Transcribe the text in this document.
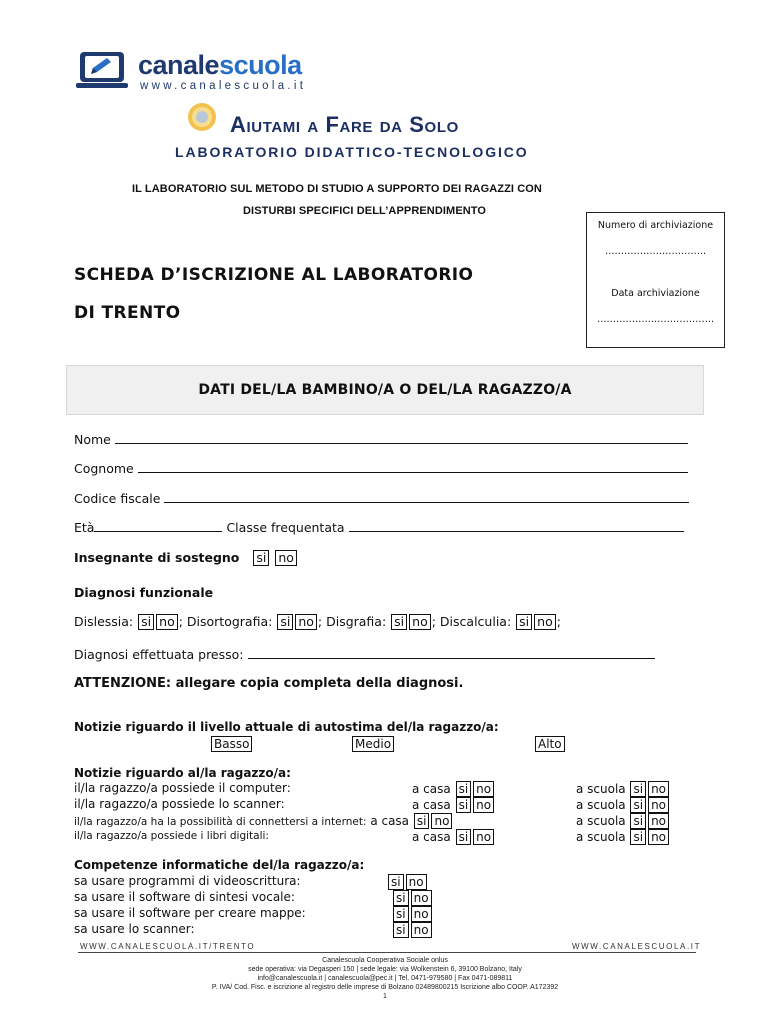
canalescuola
www.canalescuola.it
Aiutami a Fare da Solo
LABORATORIO DIDATTICO-TECNOLOGICO
IL LABORATORIO SUL METODO DI STUDIO A SUPPORTO DEI RAGAZZI CON
DISTURBI SPECIFICI DELL’APPRENDIMENTO
Numero di archiviazione
…………………………..
Data archiviazione
……………………………….
SCHEDA D’ISCRIZIONE AL LABORATORIO
DI TRENTO
DATI DEL/LA BAMBINO/A O DEL/LA RAGAZZO/A
Nome
Cognome
Codice fiscale
Età	Classe frequentata
Insegnante di sostegno si no
Diagnosi funzionale
Dislessia: si no ; Disortografia: si no ; Disgrafia: si no ; Discalculia: si no ;
Diagnosi effettuata presso:
ATTENZIONE: allegare copia completa della diagnosi.
Notizie riguardo il livello attuale di autostima del/la ragazzo/a:
Basso	Medio	Alto
Notizie riguardo al/la ragazzo/a:
il/la ragazzo/a possiede il computer:	a casa si no	a scuola si no
il/la ragazzo/a possiede lo scanner:	a casa si no	a scuola si no
il/la ragazzo/a ha la possibilità di connettersi a internet: a casa si no	a scuola si no
il/la ragazzo/a possiede i libri digitali:	a casa si no	a scuola si no
Competenze informatiche del/la ragazzo/a:
sa usare programmi di videoscrittura:	si no
sa usare il software di sintesi vocale:	si no
sa usare il software per creare mappe:	si no
sa usare lo scanner:	si no
WWW.CANALESCUOLA.IT/TRENTO	WWW.CANALESCUOLA.IT
Canalescuola Cooperativa Sociale onlus
sede operativa: via Degasperi 150 | sede legale: via Wolkenstein 6, 39100 Bolzano, Italy
info@canalescuola.it | canalescuola@pec.it | Tel. 0471-979580 | Fax 0471-089811
P. IVA/ Cod. Fisc. e iscrizione al registro delle imprese di Bolzano 02489800215 Iscrizione albo COOP. A172392
1
